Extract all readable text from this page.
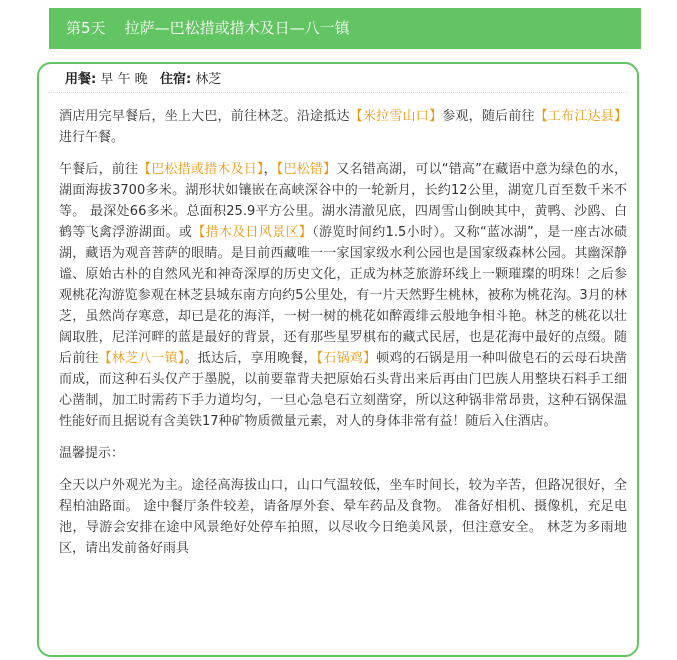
第5天 拉萨—巴松措或措木及日—八一镇
用餐: 早 午 晚 住宿: 林芝

酒店用完早餐后，坐上大巴，前往林芝。沿途抵达【米拉雪山口】参观，随后前往【工布江达县】进行午餐。

午餐后，前往【巴松措或措木及日】，【巴松错】又名错高湖，可以“错高”在藏语中意为绿色的水，湖面海拔3700多米。湖形状如镶嵌在高峡深谷中的一轮新月，长约12公里，湖宽几百至数千米不等。 最深处66多米。总面积25.9平方公里。湖水清澈见底，四周雪山倒映其中，黄鸭、沙鸥、白鹤等飞禽浮游湖面。或【措木及日风景区】（游览时间约1.5小时）。又称“蓝冰湖”，是一座古冰碛湖，藏语为观音菩萨的眼睛。是目前西藏唯一一家国家级水利公园也是国家级森林公园。其幽深静谧、原始古朴的自然风光和神奇深厚的历史文化，正成为林芝旅游环线上一颗璀璨的明珠！之后参观桃花沟游览参观在林芝县城东南方向约5公里处，有一片天然野生桃林，被称为桃花沟。3月的林芝，虽然尚存寒意，却已是花的海洋，一树一树的桃花如醉霞绯云般地争相斗艳。林芝的桃花以壮阔取胜，尼洋河畔的蓝是最好的背景，还有那些星罗棋布的藏式民居，也是花海中最好的点缀。随后前往【林芝八一镇】。抵达后，享用晚餐，【石锅鸡】顿鸡的石锅是用一种叫做皂石的云母石块凿而成，而这种石头仅产于墨脱，以前要靠背夫把原始石头背出来后再由门巴族人用整块石料手工细心凿制，加工时需药下手力道均匀，一旦心急皂石立刻凿穿，所以这种锅非常昂贵，这种石锅保温性能好而且据说有含美铁17种矿物质微量元素，对人的身体非常有益！随后入住酒店。

温馨提示：

全天以户外观光为主。途径高海拔山口，山口气温较低，坐车时间长，较为辛苦，但路况很好，全程柏油路面。 途中餐厅条件较差，请备厚外套、晕车药品及食物。 准备好相机、摄像机，充足电池，导游会安排在途中风景绝好处停车拍照，以尽收今日绝美风景，但注意安全。 林芝为多雨地区，请出发前备好雨具
